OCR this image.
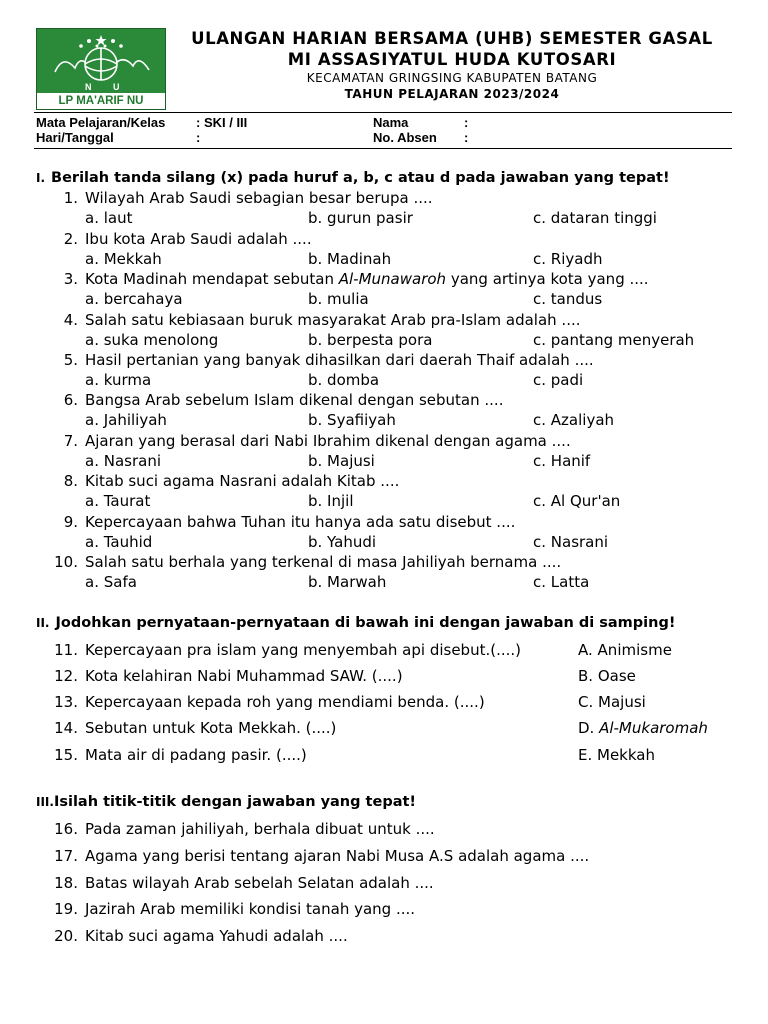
N U
LP MA'ARIF NU
ULANGAN HARIAN BERSAMA (UHB) SEMESTER GASAL
MI ASSASIYATUL HUDA KUTOSARI
KECAMATAN GRINGSING KABUPATEN BATANG
TAHUN PELAJARAN 2023/2024
Mata Pelajaran/Kelas : SKI / III	Nama	:
Hari/Tanggal	:	No. Absen :
I. Berilah tanda silang (x) pada huruf a, b, c atau d pada jawaban yang tepat!
1. Wilayah Arab Saudi sebagian besar berupa ....
a. laut	b. gurun pasir	c. dataran tinggi
2. Ibu kota Arab Saudi adalah ....
a. Mekkah	b. Madinah	c. Riyadh
3. Kota Madinah mendapat sebutan Al-Munawaroh yang artinya kota yang ....
a. bercahaya	b. mulia	c. tandus
4. Salah satu kebiasaan buruk masyarakat Arab pra-Islam adalah ....
a. suka menolong	b. berpesta pora	c. pantang menyerah
5. Hasil pertanian yang banyak dihasilkan dari daerah Thaif adalah ....
a. kurma	b. domba	c. padi
6. Bangsa Arab sebelum Islam dikenal dengan sebutan ....
a. Jahiliyah	b. Syafiiyah	c. Azaliyah
7. Ajaran yang berasal dari Nabi Ibrahim dikenal dengan agama ....
a. Nasrani	b. Majusi	c. Hanif
8. Kitab suci agama Nasrani adalah Kitab ....
a. Taurat	b. Injil	c. Al Qur'an
9. Kepercayaan bahwa Tuhan itu hanya ada satu disebut ....
a. Tauhid	b. Yahudi	c. Nasrani
10. Salah satu berhala yang terkenal di masa Jahiliyah bernama ....
a. Safa	b. Marwah	c. Latta
II. Jodohkan pernyataan-pernyataan di bawah ini dengan jawaban di samping!
11. Kepercayaan pra islam yang menyembah api disebut.(....)	A. Animisme
12. Kota kelahiran Nabi Muhammad SAW. (....)	B. Oase
13. Kepercayaan kepada roh yang mendiami benda. (....)	C. Majusi
14. Sebutan untuk Kota Mekkah. (....)	D. Al-Mukaromah
15. Mata air di padang pasir. (....)	E. Mekkah
III.Isilah titik-titik dengan jawaban yang tepat!
16. Pada zaman jahiliyah, berhala dibuat untuk ....
17. Agama yang berisi tentang ajaran Nabi Musa A.S adalah agama ....
18. Batas wilayah Arab sebelah Selatan adalah ....
19. Jazirah Arab memiliki kondisi tanah yang ....
20. Kitab suci agama Yahudi adalah ....
